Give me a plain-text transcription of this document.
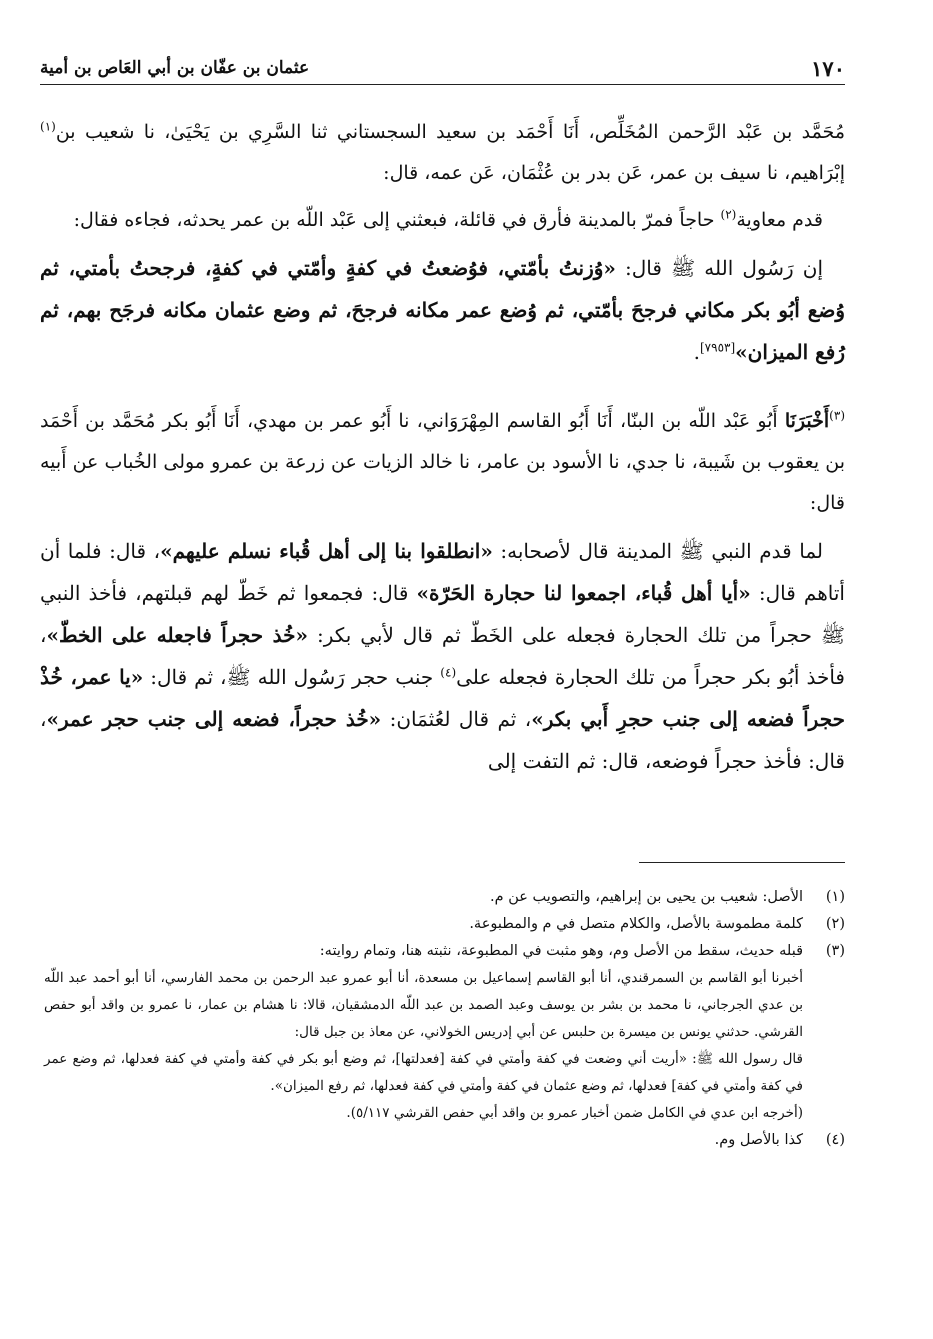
١٧٠
عثمان بن عفّان بن أبي العَاص بن أمية

مُحَمَّد بن عَبْد الرَّحمن المُخَلِّص، أَنَا أَحْمَد بن سعيد السجستاني ثنا السَّرِي بن يَحْيَىٰ، نا شعيب بن$^{(١)}$ إبْرَاهيم، نا سيف بن عمر، عَن بدر بن عُثْمَان، عَن عمه، قال:

قدم معاوية$^{(٢)}$ حاجاً فمرّ بالمدينة فأرق في قائلة، فبعثني إلى عَبْد اللّه بن عمر يحدثه، فجاءه فقال:

إن رَسُول الله ﷺ قال: «وُزنتُ بأمّتي، فوُضعتُ في كفةٍ وأمّتي في كفةٍ، فرجحتُ بأمتي، ثم وُضع أبُو بكر مكاني فرجحَ بأمّتي، ثم وُضع عمر مكانه فرجحَ، ثم وضع عثمان مكانه فرجَح بهم، ثم رُفع الميزان»[٧٩٥٣].

$^{(٣)}$أَخْبَرَنَا أَبُو عَبْد اللّه بن البنّا، أَنَا أَبُو القاسم المِهْرَوَاني، نا أَبُو عمر بن مهدي، أَنَا أَبُو بكر مُحَمَّد بن أَحْمَد بن يعقوب بن شَيبة، نا جدي، نا الأسود بن عامر، نا خالد الزيات عن زرعة بن عمرو مولى الخُباب عن أَبيه قال:

لما قدم النبي ﷺ المدينة قال لأصحابه: «انطلقوا بنا إلى أهل قُباء نسلم عليهم»، قال: فلما أن أتاهم قال: «أيا أهل قُباء، اجمعوا لنا حجارة الحَرّة» قال: فجمعوا ثم خَطّ لهم قبلتهم، فأخذ النبي ﷺ حجراً من تلك الحجارة فجعله على الخَطّ ثم قال لأبي بكر: «خُذ حجراً فاجعله على الخطّ»، فأخذ أبُو بكر حجراً من تلك الحجارة فجعله على$^{(٤)}$ جنب حجر رَسُول الله ﷺ، ثم قال: «يا عمر، خُذْ حجراً فضعه إلى جنب حجرِ أَبي بكر»، ثم قال لعُثمَان: «خُذ حجراً، فضعه إلى جنب حجر عمر»، قال: فأخذ حجراً فوضعه، قال: ثم التفت إلى

(١)
الأصل: شعيب بن يحيى بن إبراهيم، والتصويب عن م.
(٢)
كلمة مطموسة بالأصل، والكلام متصل في م والمطبوعة.
(٣)
قبله حديث، سقط من الأصل وم، وهو مثبت في المطبوعة، نثبته هنا، وتمام روايته:
أخبرنا أبو القاسم بن السمرقندي، أنا أبو القاسم إسماعيل بن مسعدة، أنا أبو عمرو عبد الرحمن بن محمد الفارسي، أنا أبو أحمد عبد اللّه بن عدي الجرجاني، نا محمد بن بشر بن يوسف وعبد الصمد بن عبد اللّه الدمشقيان، قالا: نا هشام بن عمار، نا عمرو بن واقد أبو حفص القرشي. حدثني يونس بن ميسرة بن حلبس عن أبي إدريس الخولاني، عن معاذ بن جبل قال:
قال رسول الله ﷺ: «أريت أني وضعت في كفة وأمتي في كفة [فعدلتها]، ثم وضع أبو بكر في كفة وأمتي في كفة فعدلها، ثم وضع عمر في كفة وأمتي في كفة] فعدلها، ثم وضع عثمان في كفة وأمتي في كفة فعدلها، ثم رفع الميزان».
(أخرجه ابن عدي في الكامل ضمن أخبار عمرو بن واقد أبي حفص القرشي ٥/١١٧).
(٤)
كذا بالأصل وم.
